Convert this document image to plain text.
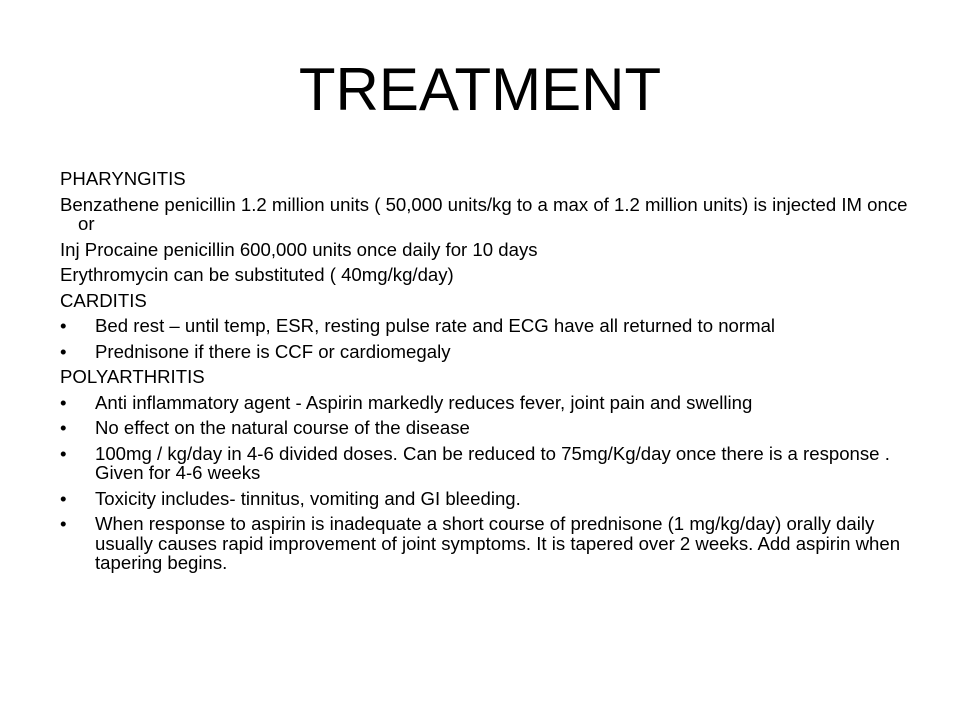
TREATMENT

PHARYNGITIS

Benzathene penicillin 1.2 million units ( 50,000 units/kg to a max of 1.2 million units) is injected IM once or

Inj Procaine penicillin 600,000 units once daily for 10 days

Erythromycin can be substituted ( 40mg/kg/day)

CARDITIS

•	Bed rest – until temp, ESR, resting pulse rate and ECG have all returned to normal
•	Prednisone if there is CCF or cardiomegaly

POLYARTHRITIS

•	Anti inflammatory agent - Aspirin markedly reduces fever, joint pain and swelling
•	No effect on the natural course of the disease
•	100mg / kg/day in 4-6 divided doses. Can be reduced to 75mg/Kg/day once there is a response . Given for 4-6 weeks
•	Toxicity includes- tinnitus, vomiting and GI bleeding.
•	When response to aspirin is inadequate a short course of prednisone (1 mg/kg/day) orally daily usually causes rapid improvement of joint symptoms. It is tapered over 2 weeks. Add aspirin when tapering begins.
